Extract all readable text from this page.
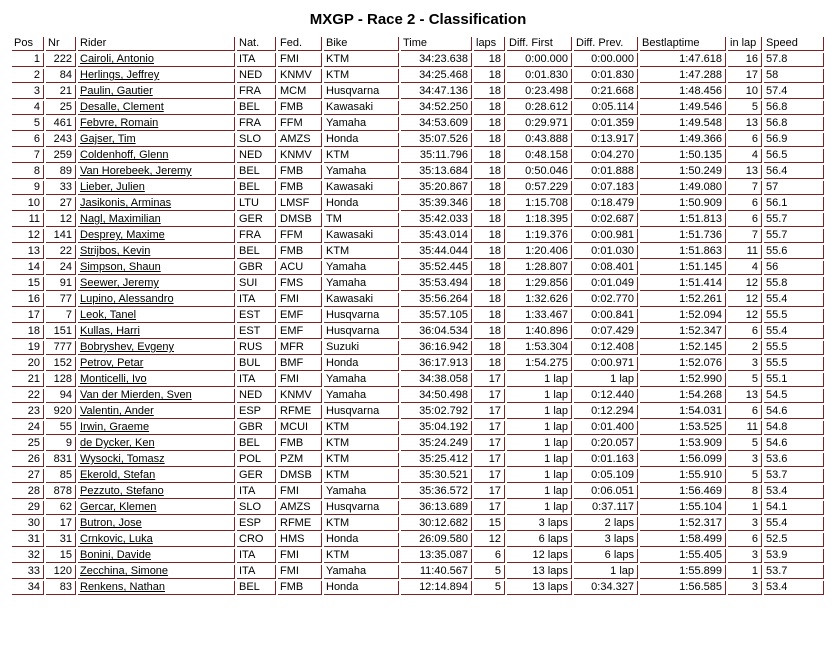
MXGP - Race 2 - Classification
Pos	Nr	Rider	Nat.	Fed.	Bike	Time	laps	Diff. First	Diff. Prev.	Bestlaptime	in lap	Speed
1	222	Cairoli, Antonio	ITA	FMI	KTM	34:23.638	18	0:00.000	0:00.000	1:47.618	16	57.8
2	84	Herlings, Jeffrey	NED	KNMV	KTM	34:25.468	18	0:01.830	0:01.830	1:47.288	17	58
3	21	Paulin, Gautier	FRA	MCM	Husqvarna	34:47.136	18	0:23.498	0:21.668	1:48.456	10	57.4
4	25	Desalle, Clement	BEL	FMB	Kawasaki	34:52.250	18	0:28.612	0:05.114	1:49.546	5	56.8
5	461	Febvre, Romain	FRA	FFM	Yamaha	34:53.609	18	0:29.971	0:01.359	1:49.548	13	56.8
6	243	Gajser, Tim	SLO	AMZS	Honda	35:07.526	18	0:43.888	0:13.917	1:49.366	6	56.9
7	259	Coldenhoff, Glenn	NED	KNMV	KTM	35:11.796	18	0:48.158	0:04.270	1:50.135	4	56.5
8	89	Van Horebeek, Jeremy	BEL	FMB	Yamaha	35:13.684	18	0:50.046	0:01.888	1:50.249	13	56.4
9	33	Lieber, Julien	BEL	FMB	Kawasaki	35:20.867	18	0:57.229	0:07.183	1:49.080	7	57
10	27	Jasikonis, Arminas	LTU	LMSF	Honda	35:39.346	18	1:15.708	0:18.479	1:50.909	6	56.1
11	12	Nagl, Maximilian	GER	DMSB	TM	35:42.033	18	1:18.395	0:02.687	1:51.813	6	55.7
12	141	Desprey, Maxime	FRA	FFM	Kawasaki	35:43.014	18	1:19.376	0:00.981	1:51.736	7	55.7
13	22	Strijbos, Kevin	BEL	FMB	KTM	35:44.044	18	1:20.406	0:01.030	1:51.863	11	55.6
14	24	Simpson, Shaun	GBR	ACU	Yamaha	35:52.445	18	1:28.807	0:08.401	1:51.145	4	56
15	91	Seewer, Jeremy	SUI	FMS	Yamaha	35:53.494	18	1:29.856	0:01.049	1:51.414	12	55.8
16	77	Lupino, Alessandro	ITA	FMI	Kawasaki	35:56.264	18	1:32.626	0:02.770	1:52.261	12	55.4
17	7	Leok, Tanel	EST	EMF	Husqvarna	35:57.105	18	1:33.467	0:00.841	1:52.094	12	55.5
18	151	Kullas, Harri	EST	EMF	Husqvarna	36:04.534	18	1:40.896	0:07.429	1:52.347	6	55.4
19	777	Bobryshev, Evgeny	RUS	MFR	Suzuki	36:16.942	18	1:53.304	0:12.408	1:52.145	2	55.5
20	152	Petrov, Petar	BUL	BMF	Honda	36:17.913	18	1:54.275	0:00.971	1:52.076	3	55.5
21	128	Monticelli, Ivo	ITA	FMI	Yamaha	34:38.058	17	1 lap	1 lap	1:52.990	5	55.1
22	94	Van der Mierden, Sven	NED	KNMV	Yamaha	34:50.498	17	1 lap	0:12.440	1:54.268	13	54.5
23	920	Valentin, Ander	ESP	RFME	Husqvarna	35:02.792	17	1 lap	0:12.294	1:54.031	6	54.6
24	55	Irwin, Graeme	GBR	MCUI	KTM	35:04.192	17	1 lap	0:01.400	1:53.525	11	54.8
25	9	de Dycker, Ken	BEL	FMB	KTM	35:24.249	17	1 lap	0:20.057	1:53.909	5	54.6
26	831	Wysocki, Tomasz	POL	PZM	KTM	35:25.412	17	1 lap	0:01.163	1:56.099	3	53.6
27	85	Ekerold, Stefan	GER	DMSB	KTM	35:30.521	17	1 lap	0:05.109	1:55.910	5	53.7
28	878	Pezzuto, Stefano	ITA	FMI	Yamaha	35:36.572	17	1 lap	0:06.051	1:56.469	8	53.4
29	62	Gercar, Klemen	SLO	AMZS	Husqvarna	36:13.689	17	1 lap	0:37.117	1:55.104	1	54.1
30	17	Butron, Jose	ESP	RFME	KTM	30:12.682	15	3 laps	2 laps	1:52.317	3	55.4
31	31	Crnkovic, Luka	CRO	HMS	Honda	26:09.580	12	6 laps	3 laps	1:58.499	6	52.5
32	15	Bonini, Davide	ITA	FMI	KTM	13:35.087	6	12 laps	6 laps	1:55.405	3	53.9
33	120	Zecchina, Simone	ITA	FMI	Yamaha	11:40.567	5	13 laps	1 lap	1:55.899	1	53.7
34	83	Renkens, Nathan	BEL	FMB	Honda	12:14.894	5	13 laps	0:34.327	1:56.585	3	53.4
